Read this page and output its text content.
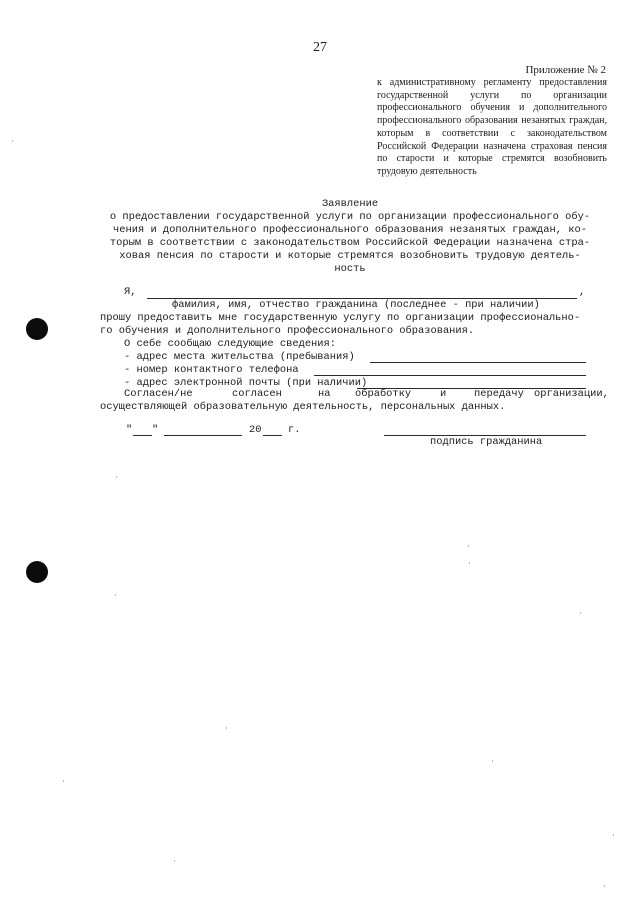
27
Приложение № 2
к административному регламенту предоставления государственной услуги по организации профессионального обучения и дополнительного профессионального образования незанятых граждан, которым в соответствии с законодательством Российской Федерации назначена страховая пенсия по старости и которые стремятся возобновить трудовую деятельность
Заявление
о предоставлении государственной услуги по организации профессионального обу-
чения и дополнительного профессионального образования незанятых граждан, ко-
торым в соответствии с законодательством Российской Федерации назначена стра-
ховая пенсия по старости и которые стремятся возобновить трудовую деятель-
ность
Я,	,
фамилия, имя, отчество гражданина (последнее - при наличии)
прошу предоставить мне государственную услугу по организации профессионально-
го обучения и дополнительного профессионального образования.
О себе сообщаю следующие сведения:
- адрес места жительства (пребывания)
- номер контактного телефона
- адрес электронной почты (при наличии)
Согласен/не	согласен	на обработку	и	передачу организации,
осуществляющей образовательную деятельность, персональных данных.
" "	20	г.
подпись гражданина
